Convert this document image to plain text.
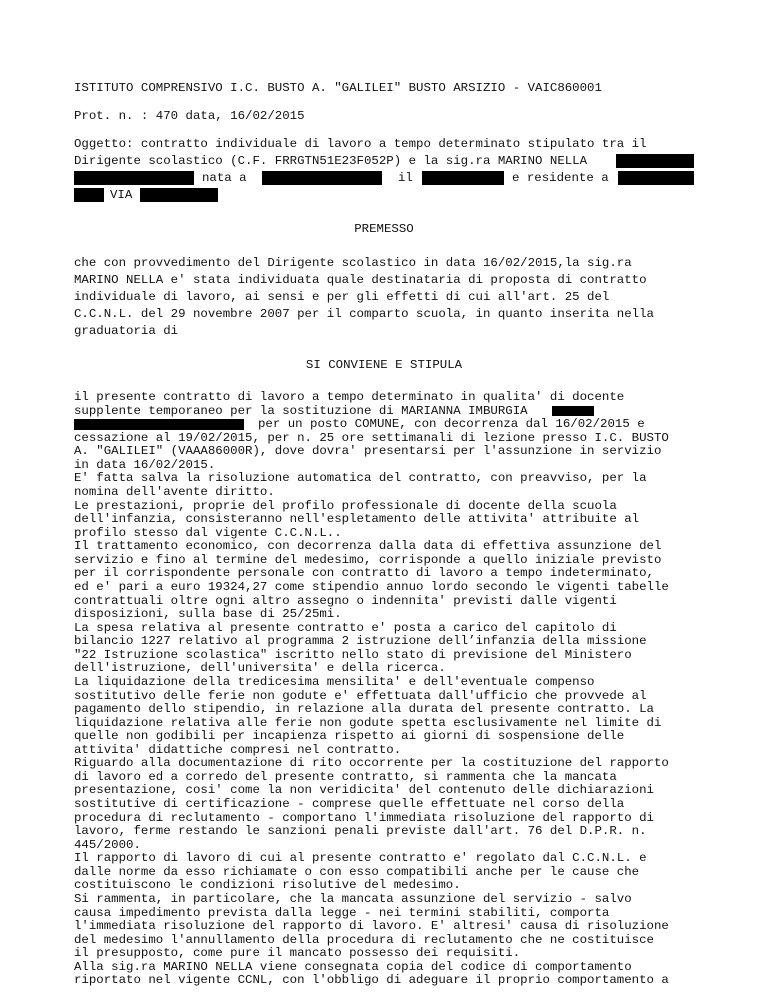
ISTITUTO COMPRENSIVO I.C. BUSTO A. "GALILEI" BUSTO ARSIZIO - VAIC860001
Prot. n. : 470 data, 16/02/2015
Oggetto: contratto individuale di lavoro a tempo determinato stipulato tra il
Dirigente scolastico (C.F. FRRGTN51E23F052P) e la sig.ra MARINO NELLA
nata a	il	e residente a
VIA
PREMESSO
che con provvedimento del Dirigente scolastico in data 16/02/2015,la sig.ra
MARINO NELLA e' stata individuata quale destinataria di proposta di contratto
individuale di lavoro, ai sensi e per gli effetti di cui all'art. 25 del
C.C.N.L. del 29 novembre 2007 per il comparto scuola, in quanto inserita nella
graduatoria di
SI CONVIENE E STIPULA
il presente contratto di lavoro a tempo determinato in qualita' di docente
supplente temporaneo per la sostituzione di MARIANNA IMBURGIA
per un posto COMUNE, con decorrenza dal 16/02/2015 e
cessazione al 19/02/2015, per n. 25 ore settimanali di lezione presso I.C. BUSTO
A. "GALILEI" (VAAA86000R), dove dovra' presentarsi per l'assunzione in servizio
in data 16/02/2015.
E' fatta salva la risoluzione automatica del contratto, con preavviso, per la
nomina dell'avente diritto.
Le prestazioni, proprie del profilo professionale di docente della scuola
dell'infanzia, consisteranno nell'espletamento delle attivita' attribuite al
profilo stesso dal vigente C.C.N.L..
Il trattamento economico, con decorrenza dalla data di effettiva assunzione del
servizio e fino al termine del medesimo, corrisponde a quello iniziale previsto
per il corrispondente personale con contratto di lavoro a tempo indeterminato,
ed e' pari a euro 19324,27 come stipendio annuo lordo secondo le vigenti tabelle
contrattuali oltre ogni altro assegno o indennita' previsti dalle vigenti
disposizioni, sulla base di 25/25mi.
La spesa relativa al presente contratto e' posta a carico del capitolo di
bilancio 1227 relativo al programma 2 istruzione dell’infanzia della missione
"22 Istruzione scolastica" iscritto nello stato di previsione del Ministero
dell'istruzione, dell'universita' e della ricerca.
La liquidazione della tredicesima mensilita' e dell'eventuale compenso
sostitutivo delle ferie non godute e' effettuata dall'ufficio che provvede al
pagamento dello stipendio, in relazione alla durata del presente contratto. La
liquidazione relativa alle ferie non godute spetta esclusivamente nel limite di
quelle non godibili per incapienza rispetto ai giorni di sospensione delle
attivita' didattiche compresi nel contratto.
Riguardo alla documentazione di rito occorrente per la costituzione del rapporto
di lavoro ed a corredo del presente contratto, si rammenta che la mancata
presentazione, cosi' come la non veridicita' del contenuto delle dichiarazioni
sostitutive di certificazione - comprese quelle effettuate nel corso della
procedura di reclutamento - comportano l'immediata risoluzione del rapporto di
lavoro, ferme restando le sanzioni penali previste dall'art. 76 del D.P.R. n.
445/2000.
Il rapporto di lavoro di cui al presente contratto e' regolato dal C.C.N.L. e
dalle norme da esso richiamate o con esso compatibili anche per le cause che
costituiscono le condizioni risolutive del medesimo.
Si rammenta, in particolare, che la mancata assunzione del servizio - salvo
causa impedimento prevista dalla legge - nei termini stabiliti, comporta
l'immediata risoluzione del rapporto di lavoro. E' altresi' causa di risoluzione
del medesimo l'annullamento della procedura di reclutamento che ne costituisce
il presupposto, come pure il mancato possesso dei requisiti.
Alla sig.ra MARINO NELLA viene consegnata copia del codice di comportamento
riportato nel vigente CCNL, con l'obbligo di adeguare il proprio comportamento a
